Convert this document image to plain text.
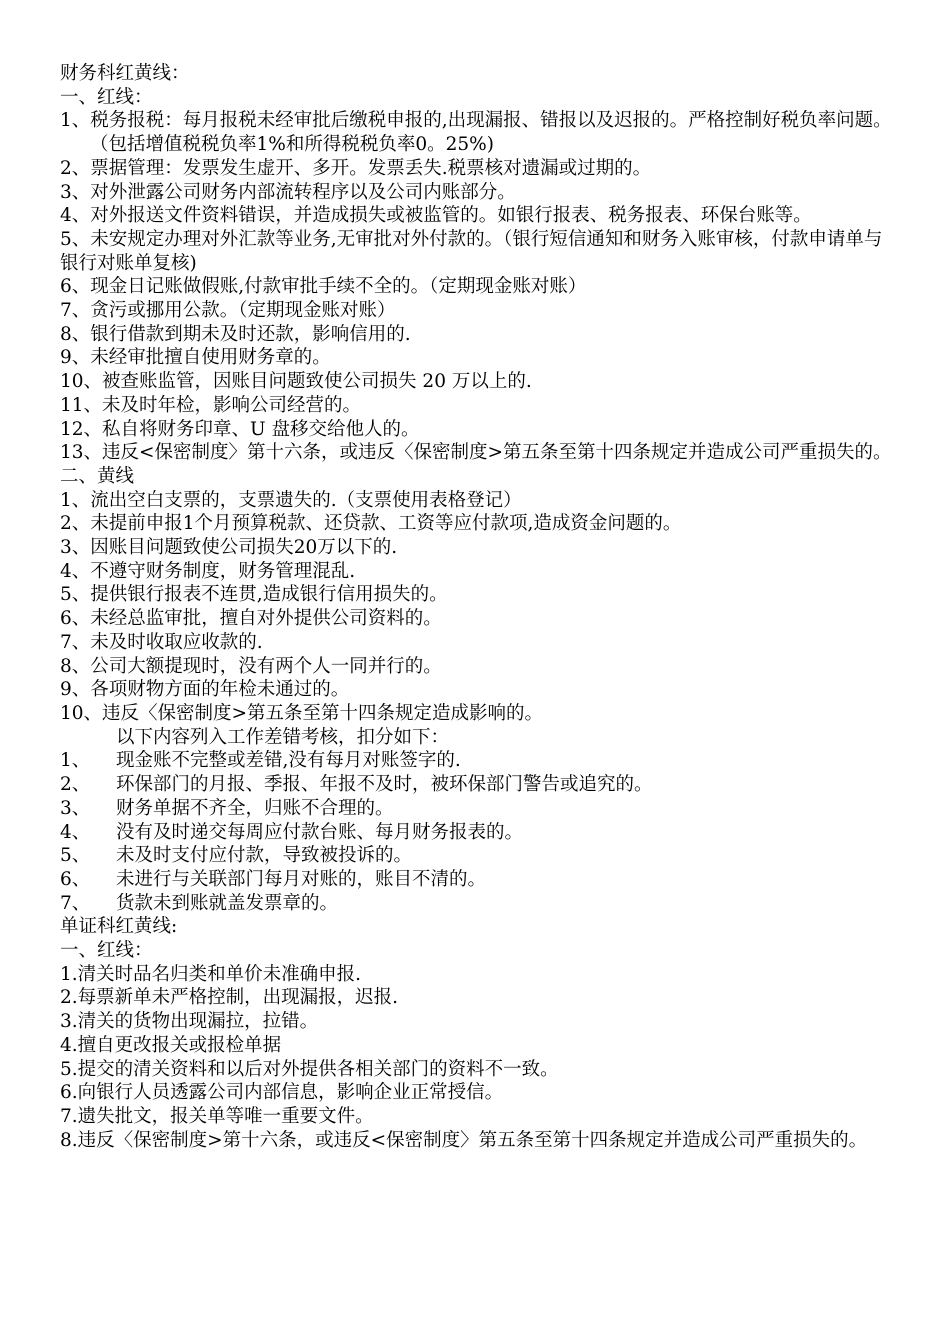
财务科红黄线：
一、红线：
1、税务报税：每月报税未经审批后缴税申报的,出现漏报、错报以及迟报的。严格控制好税负率问题。（包括增值税税负率1%和所得税税负率0。25%)
2、票据管理：发票发生虚开、多开。发票丢失.税票核对遗漏或过期的。
3、对外泄露公司财务内部流转程序以及公司内账部分。
4、对外报送文件资料错误，并造成损失或被监管的。如银行报表、税务报表、环保台账等。
5、未安规定办理对外汇款等业务,无审批对外付款的。（银行短信通知和财务入账审核，付款申请单与银行对账单复核)
6、现金日记账做假账,付款审批手续不全的。（定期现金账对账）
7、贪污或挪用公款。（定期现金账对账）
8、银行借款到期未及时还款，影响信用的.
9、未经审批擅自使用财务章的。
10、被查账监管，因账目问题致使公司损失 20 万以上的.
11、未及时年检，影响公司经营的。
12、私自将财务印章、U 盘移交给他人的。
13、违反<保密制度〉第十六条，或违反〈保密制度>第五条至第十四条规定并造成公司严重损失的。
二、黄线
1、流出空白支票的，支票遗失的.（支票使用表格登记）
2、未提前申报1个月预算税款、还贷款、工资等应付款项,造成资金问题的。
3、因账目问题致使公司损失20万以下的.
4、不遵守财务制度，财务管理混乱.
5、提供银行报表不连贯,造成银行信用损失的。
6、未经总监审批，擅自对外提供公司资料的。
7、未及时收取应收款的.
8、公司大额提现时，没有两个人一同并行的。
9、各项财物方面的年检未通过的。
10、违反〈保密制度>第五条至第十四条规定造成影响的。
以下内容列入工作差错考核，扣分如下：
1、	现金账不完整或差错,没有每月对账签字的.
2、	环保部门的月报、季报、年报不及时，被环保部门警告或追究的。
3、	财务单据不齐全，归账不合理的。
4、	没有及时递交每周应付款台账、每月财务报表的。
5、	未及时支付应付款，导致被投诉的。
6、	未进行与关联部门每月对账的，账目不清的。
7、	货款未到账就盖发票章的。
单证科红黄线:
一、红线：
1.清关时品名归类和单价未准确申报.
2.每票新单未严格控制，出现漏报，迟报.
3.清关的货物出现漏拉，拉错。
4.擅自更改报关或报检单据
5.提交的清关资料和以后对外提供各相关部门的资料不一致。
6.向银行人员透露公司内部信息，影响企业正常授信。
7.遗失批文，报关单等唯一重要文件。
8.违反〈保密制度>第十六条，或违反<保密制度〉第五条至第十四条规定并造成公司严重损失的。
